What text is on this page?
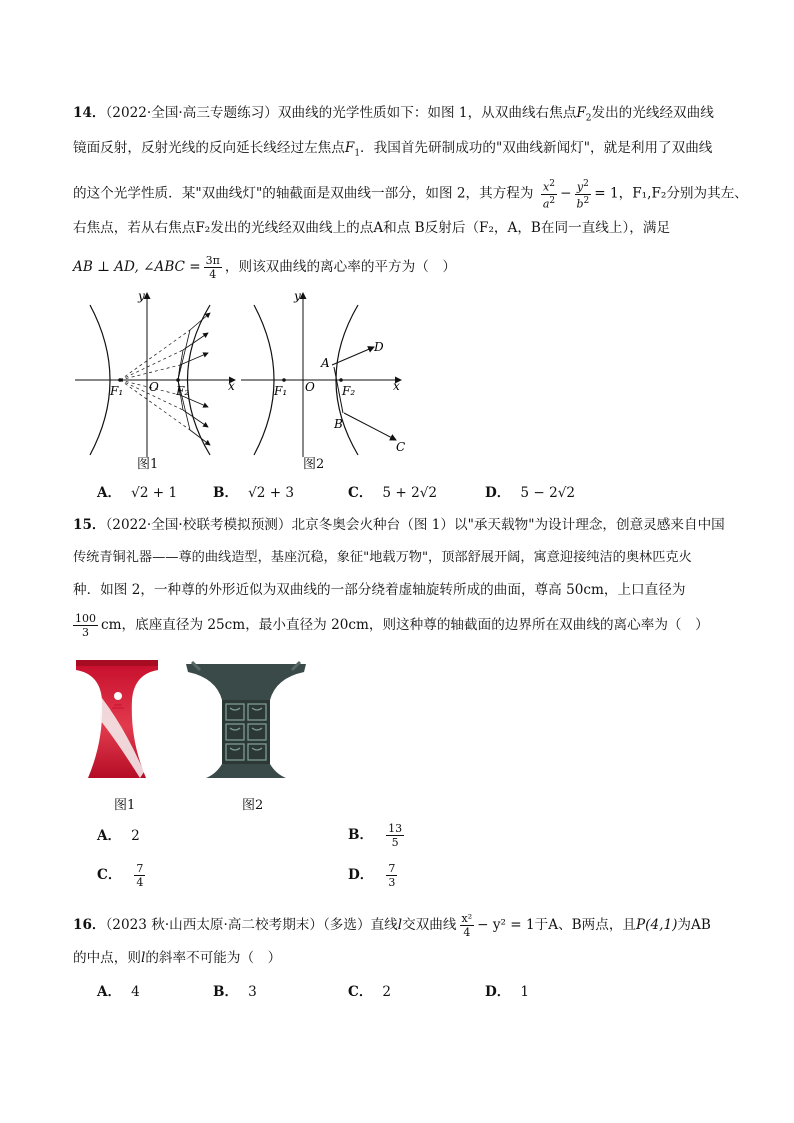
14．（2022·全国·高三专题练习）双曲线的光学性质如下：如图 1，从双曲线右焦点$F_2$发出的光线经双曲线
镜面反射，反射光线的反向延长线经过左焦点$F_1$．我国首先研制成功的"双曲线新闻灯"，就是利用了双曲线
的这个光学性质．某"双曲线灯"的轴截面是双曲线一部分，如图 2，其方程为 $\frac{x^2}{a^2} - \frac{y^2}{b^2} = 1$，F₁,F₂分别为其左、
右焦点，若从右焦点F₂发出的光线经双曲线上的点A和点 B反射后（F₂，A，B在同一直线上），满足
AB ⊥ AD, ∠ABC = $\frac{3\pi}{4}$ ，则该双曲线的离心率的平方为（　）
x
y
O
F₁	F₂
图1
x
y
O
F₁	F₂
A
B
C
D
图2
A． √2 + 1	B． √2 + 3	C． 5 + 2√2	D． 5 − 2√2
15．（2022·全国·校联考模拟预测）北京冬奥会火种台（图 1）以"承天载物"为设计理念，创意灵感来自中国
传统青铜礼器——尊的曲线造型，基座沉稳，象征"地载万物"，顶部舒展开阔，寓意迎接纯洁的奥林匹克火
种．如图 2，一种尊的外形近似为双曲线的一部分绕着虚轴旋转所成的曲面，尊高 50cm，上口直径为
$\frac{100}{3}$ cm，底座直径为 25cm，最小直径为 20cm，则这种尊的轴截面的边界所在双曲线的离心率为（　）
图1	图2
A． 2	B． $\frac{13}{5}$
C． $\frac{7}{4}$	D． $\frac{7}{3}$
16．（2023 秋·山西太原·高二校考期末）（多选）直线l交双曲线 $\frac{\text{x²}}{4} - y^2 = 1$于A、B两点，且P(4,1)为AB
的中点，则l的斜率不可能为（　）
A． 4	B． 3	C． 2	D． 1
